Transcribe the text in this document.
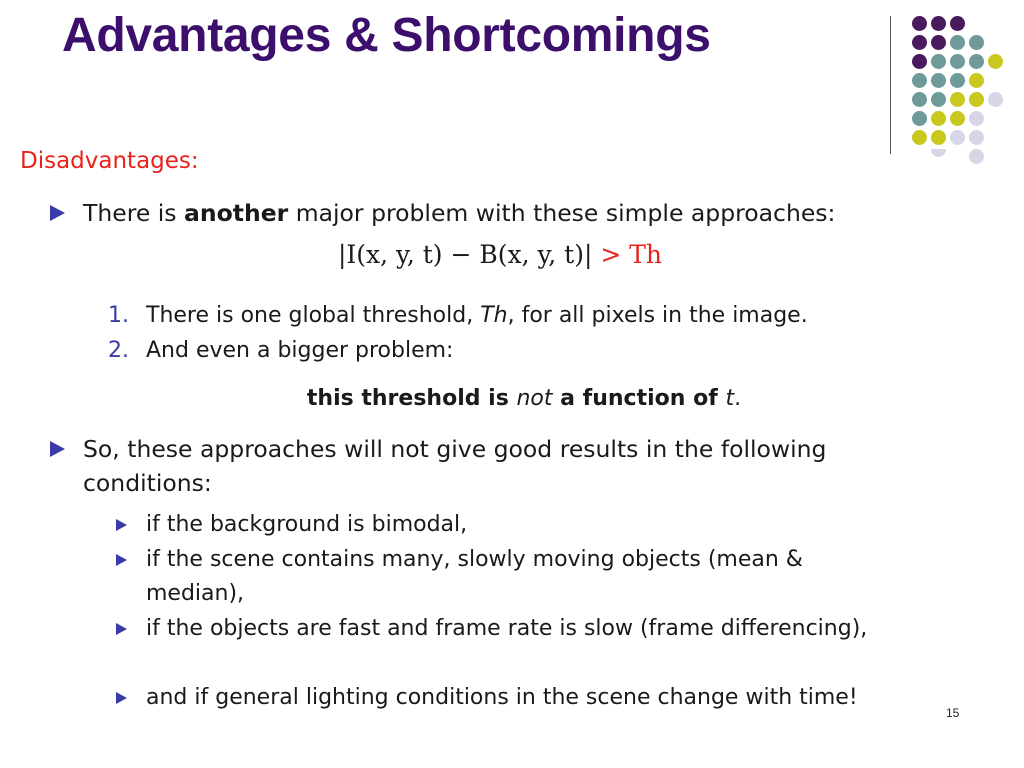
Advantages & Shortcomings
Disadvantages:
There is another major problem with these simple approaches:
|I(x, y, t) − B(x, y, t)| > Th
1. There is one global threshold, Th, for all pixels in the image.
2. And even a bigger problem:
this threshold is not a function of t.
So, these approaches will not give good results in the following conditions:
if the background is bimodal,
if the scene contains many, slowly moving objects (mean & median),
if the objects are fast and frame rate is slow (frame differencing),
and if general lighting conditions in the scene change with time!
15
